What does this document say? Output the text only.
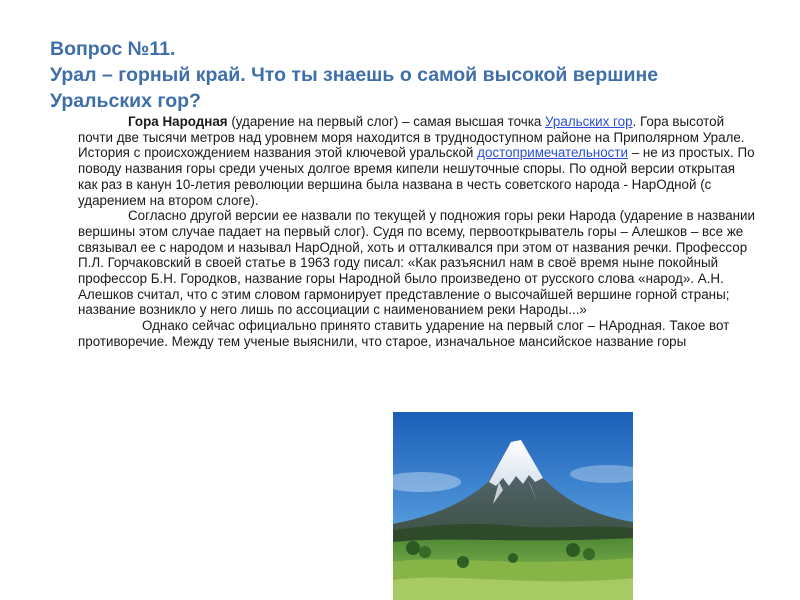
Вопрос №11.
Урал – горный край. Что ты знаешь о самой высокой вершине
Уральских гор?

Гора Народная (ударение на первый слог) – самая высшая точка Уральских гор. Гора высотой почти две тысячи метров над уровнем моря находится в труднодоступном районе на Приполярном Урале. История с происхождением названия этой ключевой уральской достопримечательности – не из простых. По поводу названия горы среди ученых долгое время кипели нешуточные споры. По одной версии открытая как раз в канун 10-летия революции вершина была названа в честь советского народа - НарОдной (с ударением на втором слоге).

Согласно другой версии ее назвали по текущей у подножия горы реки Народа (ударение в названии вершины этом случае падает на первый слог). Судя по всему, первооткрыватель горы – Алешков – все же связывал ее с народом и называл НарОдной, хоть и отталкивался при этом от названия речки. Профессор П.Л. Горчаковский в своей статье в 1963 году писал: «Как разъяснил нам в своё время ныне покойный профессор Б.Н. Городков, название горы Народной было произведено от русского слова «народ». А.Н. Алешков считал, что с этим словом гармонирует представление о высочайшей вершине горной страны; название возникло у него лишь по ассоциации с наименованием реки Народы...»

Однако сейчас официально принято ставить ударение на первый слог – НАродная. Такое вот противоречие. Между тем ученые выяснили, что старое, изначальное мансийское название горы
